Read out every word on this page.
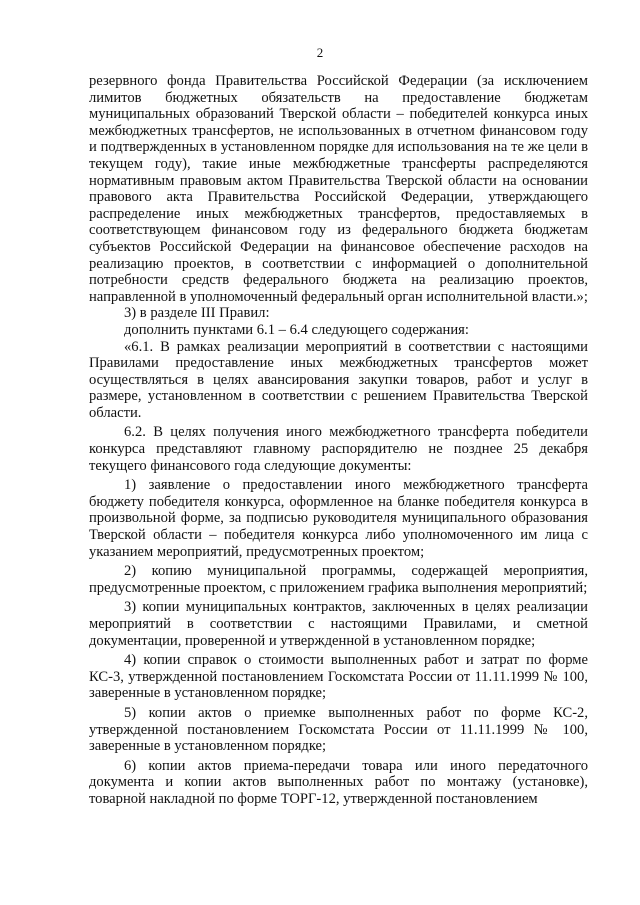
2

резервного фонда Правительства Российской Федерации (за исключением лимитов бюджетных обязательств на предоставление бюджетам муниципальных образований Тверской области – победителей конкурса иных межбюджетных трансфертов, не использованных в отчетном финансовом году и подтвержденных в установленном порядке для использования на те же цели в текущем году), такие иные межбюджетные трансферты распределяются нормативным правовым актом Правительства Тверской области на основании правового акта Правительства Российской Федерации, утверждающего распределение иных межбюджетных трансфертов, предоставляемых в соответствующем финансовом году из федерального бюджета бюджетам субъектов Российской Федерации на финансовое обеспечение расходов на реализацию проектов, в соответствии с информацией о дополнительной потребности средств федерального бюджета на реализацию проектов, направленной в уполномоченный федеральный орган исполнительной власти.»;

3) в разделе III Правил:

дополнить пунктами 6.1 – 6.4 следующего содержания:

«6.1. В рамках реализации мероприятий в соответствии с настоящими Правилами предоставление иных межбюджетных трансфертов может осуществляться в целях авансирования закупки товаров, работ и услуг в размере, установленном в соответствии с решением Правительства Тверской области.

6.2. В целях получения иного межбюджетного трансферта победители конкурса представляют главному распорядителю не позднее 25 декабря текущего финансового года следующие документы:

1) заявление о предоставлении иного межбюджетного трансферта бюджету победителя конкурса, оформленное на бланке победителя конкурса в произвольной форме, за подписью руководителя муниципального образования Тверской области – победителя конкурса либо уполномоченного им лица с указанием мероприятий, предусмотренных проектом;

2) копию муниципальной программы, содержащей мероприятия, предусмотренные проектом, с приложением графика выполнения мероприятий;

3) копии муниципальных контрактов, заключенных в целях реализации мероприятий в соответствии с настоящими Правилами, и сметной документации, проверенной и утвержденной в установленном порядке;

4) копии справок о стоимости выполненных работ и затрат по форме КС-3, утвержденной постановлением Госкомстата России от 11.11.1999 № 100, заверенные в установленном порядке;

5) копии актов о приемке выполненных работ по форме КС-2, утвержденной постановлением Госкомстата России от 11.11.1999 № 100, заверенные в установленном порядке;

6) копии актов приема-передачи товара или иного передаточного документа и копии актов выполненных работ по монтажу (установке), товарной накладной по форме ТОРГ-12, утвержденной постановлением
